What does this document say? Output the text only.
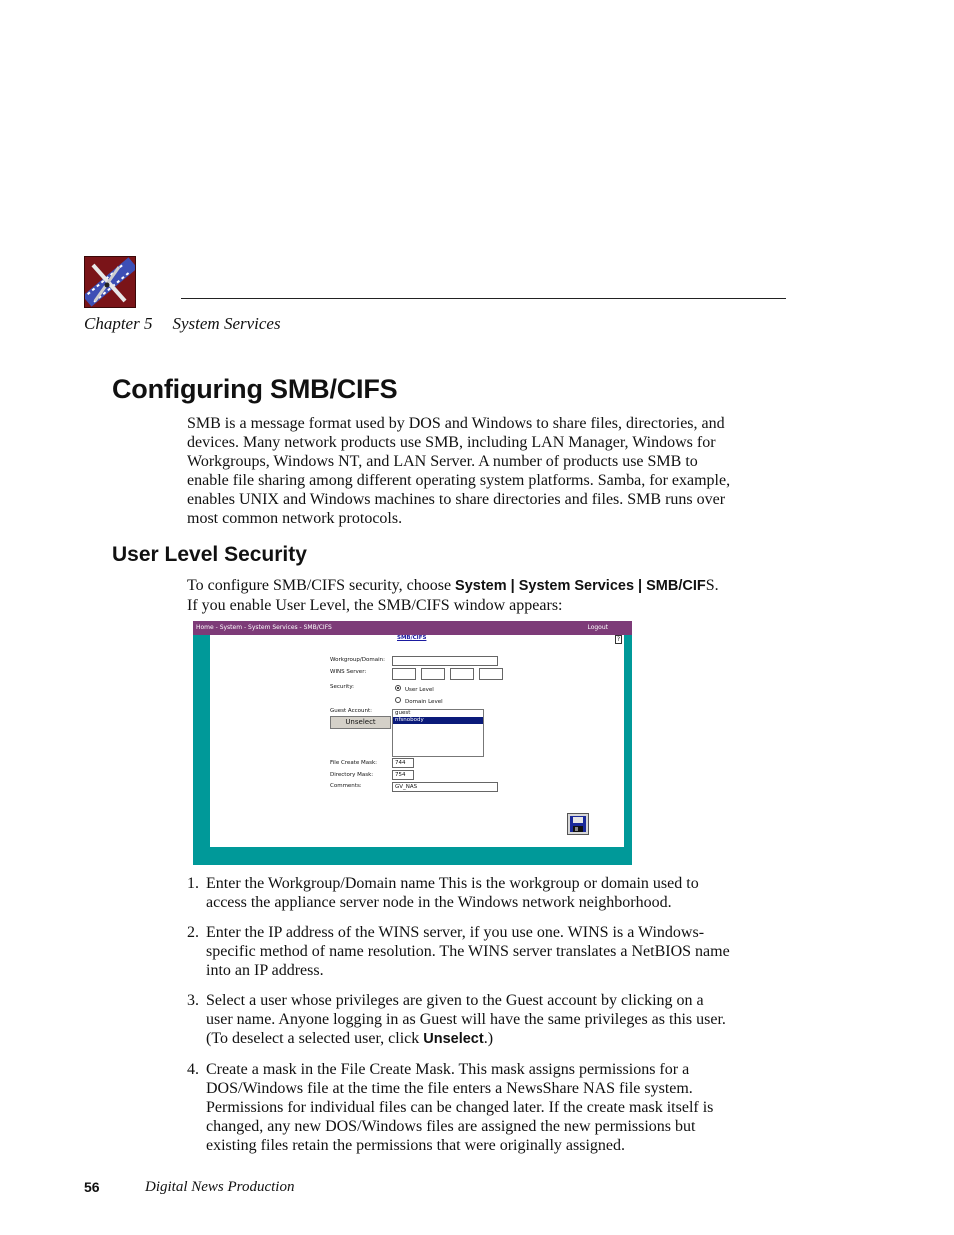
Chapter 5 System Services
Configuring SMB/CIFS
SMB is a message format used by DOS and Windows to share files, directories, and devices. Many network products use SMB, including LAN Manager, Windows for Workgroups, Windows NT, and LAN Server. A number of products use SMB to enable file sharing among different operating system platforms. Samba, for example, enables UNIX and Windows machines to share directories and files. SMB runs over most common network protocols.
User Level Security
To configure SMB/CIFS security, choose System | System Services | SMB/CIFS. If you enable User Level, the SMB/CIFS window appears:
Home - System - System Services - SMB/CIFS	Logout
?
SMB/CIFS
Workgroup/Domain:
WINS Server:
Security:	User Level
Domain Level
Guest Account:
Unselect
guest
nfsnobody
File Create Mask:	744
Directory Mask:	754
Comments:	GV_NAS
1. Enter the Workgroup/Domain name This is the workgroup or domain used to access the appliance server node in the Windows network neighborhood.
2. Enter the IP address of the WINS server, if you use one. WINS is a Windows-specific method of name resolution. The WINS server translates a NetBIOS name into an IP address.
3. Select a user whose privileges are given to the Guest account by clicking on a user name. Anyone logging in as Guest will have the same privileges as this user. (To deselect a selected user, click Unselect.)
4. Create a mask in the File Create Mask. This mask assigns permissions for a DOS/Windows file at the time the file enters a NewsShare NAS file system. Permissions for individual files can be changed later. If the create mask itself is changed, any new DOS/Windows files are assigned the new permissions but existing files retain the permissions that were originally assigned.
56	Digital News Production
